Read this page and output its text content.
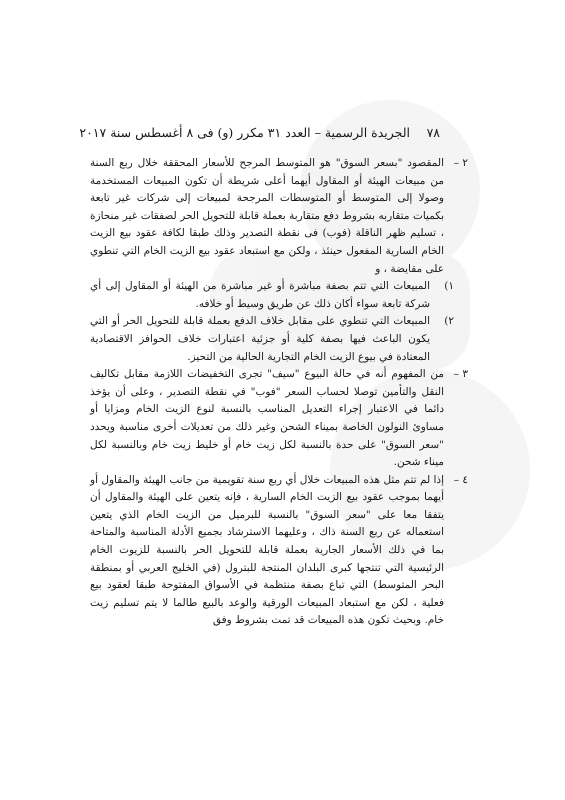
٧٨
الجريدة الرسمية – العدد ٣١ مكرر (و) فى ٨ أغسطس سنة ٢٠١٧
٢ –
المقصود "بسعر السوق" هو المتوسط المرجح للأسعار المحققة خلال ربع السنة من مبيعات الهيئة أو المقاول أيهما أعلى شريطة أن تكون المبيعات المستخدمة وصولا إلى المتوسط أو المتوسطات المرجحة لمبيعات إلى شركات غير تابعة بكميات متقاربه بشروط دفع متقاربة بعملة قابلة للتحويل الحر لصفقات غير منحازة ، تسليم ظهر الناقلة (فوب) فى نقطة التصدير وذلك طبقا لكافة عقود بيع الزيت الخام السارية المفعول حينئذ ، ولكن مع استبعاد عقود بيع الزيت الخام التي تنطوي على مقايضة ، و
١)
المبيعات التي تتم بصفة مباشرة أو غير مباشرة من الهيئة أو المقاول إلى أي شركة تابعة سواء أكان ذلك عن طريق وسيط أو خلافه.
٢)
المبيعات التي تنطوي على مقابل خلاف الدفع بعملة قابلة للتحويل الحر أو التي يكون الباعث فيها بصفة كلية أو جزئية اعتبارات خلاف الحوافز الاقتصادية المعتادة في بيوع الزيت الخام التجارية الحالية من التحيز.
٣ –
من المفهوم أنه في حالة البيوع "سيف" تجرى التخفيضات اللازمة مقابل تكاليف النقل والتأمين توصلا لحساب السعر "فوب" في نقطة التصدير ، وعلى أن يؤخذ دائما في الاعتبار إجراء التعديل المناسب بالنسبة لنوع الزيت الخام ومزايا أو مساوئ النولون الخاصة بميناء الشحن وغير ذلك من تعديلات أخرى مناسبة ويحدد "سعر السوق" على حدة بالنسبة لكل زيت خام أو خليط زيت خام وبالنسبة لكل ميناء شحن.
٤ –
إذا لم تتم مثل هذه المبيعات خلال أي ربع سنة تقويمية من جانب الهيئة والمقاول أو أيهما بموجب عقود بيع الزيت الخام السارية ، فإنه يتعين على الهيئة والمقاول أن يتفقا معا على "سعر السوق" بالنسبة للبرميل من الزيت الخام الذي يتعين استعماله عن ربع السنة ذاك ، وعليهما الاسترشاد بجميع الأدلة المناسبة والمتاحة بما في ذلك الأسعار الجارية بعملة قابلة للتحويل الحر بالنسبة للزيوت الخام الرئيسية التي تنتجها كبرى البلدان المنتجة للبترول (في الخليج العربي أو بمنطقة البحر المتوسط) التي تباع بصفة منتظمة في الأسواق المفتوحة طبقا لعقود بيع فعلية ، لكن مع استبعاد المبيعات الورقية والوعد بالبيع طالما لا يتم تسليم زيت خام. وبحيث تكون هذه المبيعات قد تمت بشروط وفق
